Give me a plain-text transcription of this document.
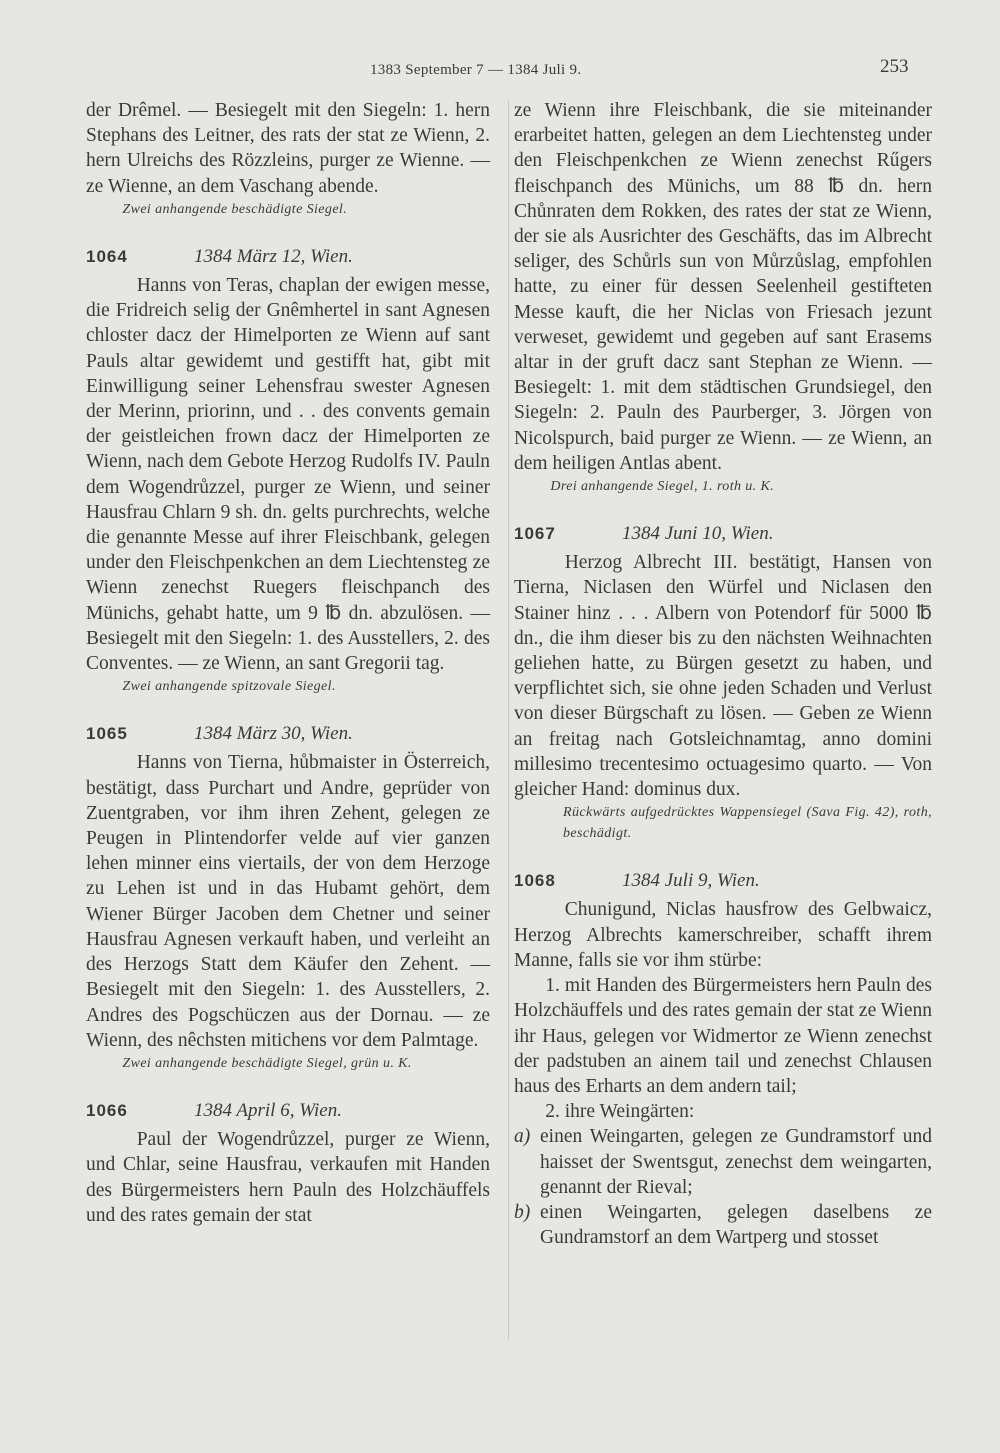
1383 September 7 — 1384 Juli 9.	253

der Drêmel. — Besiegelt mit den Siegeln: 1. hern Stephans des Leitner, des rats der stat ze Wienn, 2. hern Ulreichs des Rözzleins, purger ze Wienne. — ze Wienne, an dem Vaschang abende.

Zwei anhangende beschädigte Siegel.

1064	1384 März 12, Wien.

Hanns von Teras, chaplan der ewigen messe, die Fridreich selig der Gnêmhertel in sant Agnesen chloster dacz der Himelporten ze Wienn auf sant Pauls altar gewidemt und gestifft hat, gibt mit Einwilligung seiner Lehensfrau swester Agnesen der Merinn, priorinn, und . . des convents gemain der geistleichen frown dacz der Himelporten ze Wienn, nach dem Gebote Herzog Rudolfs IV. Pauln dem Wogendrůzzel, purger ze Wienn, und seiner Hausfrau Chlarn 9 sh. dn. gelts purchrechts, welche die genannte Messe auf ihrer Fleischbank, gelegen under den Fleischpenkchen an dem Liechtensteg ze Wienn zenechst Ruegers fleischpanch des Münichs, gehabt hatte, um 9 ℔ dn. abzulösen. — Besiegelt mit den Siegeln: 1. des Ausstellers, 2. des Conventes. — ze Wienn, an sant Gregorii tag.

Zwei anhangende spitzovale Siegel.

1065	1384 März 30, Wien.

Hanns von Tierna, hůbmaister in Österreich, bestätigt, dass Purchart und Andre, geprüder von Zuentgraben, vor ihm ihren Zehent, gelegen ze Peugen in Plintendorfer velde auf vier ganzen lehen minner eins viertails, der von dem Herzoge zu Lehen ist und in das Hubamt gehört, dem Wiener Bürger Jacoben dem Chetner und seiner Hausfrau Agnesen verkauft haben, und verleiht an des Herzogs Statt dem Käufer den Zehent. — Besiegelt mit den Siegeln: 1. des Ausstellers, 2. Andres des Pogschüczen aus der Dornau. — ze Wienn, des nêchsten mitichens vor dem Palmtage.

Zwei anhangende beschädigte Siegel, grün u. K.

1066	1384 April 6, Wien.

Paul der Wogendrůzzel, purger ze Wienn, und Chlar, seine Hausfrau, verkaufen mit Handen des Bürgermeisters hern Pauln des Holzchäuffels und des rates gemain der stat

ze Wienn ihre Fleischbank, die sie miteinander erarbeitet hatten, gelegen an dem Liechtensteg under den Fleischpenkchen ze Wienn zenechst Rűgers fleischpanch des Münichs, um 88 ℔ dn. hern Chůnraten dem Rokken, des rates der stat ze Wienn, der sie als Ausrichter des Geschäfts, das im Albrecht seliger, des Schůrls sun von Můrzůslag, empfohlen hatte, zu einer für dessen Seelenheil gestifteten Messe kauft, die her Niclas von Friesach jezunt verweset, gewidemt und gegeben auf sant Erasems altar in der gruft dacz sant Stephan ze Wienn. — Besiegelt: 1. mit dem städtischen Grundsiegel, den Siegeln: 2. Pauln des Paurberger, 3. Jörgen von Nicolspurch, baid purger ze Wienn. — ze Wienn, an dem heiligen Antlas abent.

Drei anhangende Siegel, 1. roth u. K.

1067	1384 Juni 10, Wien.

Herzog Albrecht III. bestätigt, Hansen von Tierna, Niclasen den Würfel und Niclasen den Stainer hinz . . . Albern von Potendorf für 5000 ℔ dn., die ihm dieser bis zu den nächsten Weihnachten geliehen hatte, zu Bürgen gesetzt zu haben, und verpflichtet sich, sie ohne jeden Schaden und Verlust von dieser Bürgschaft zu lösen. — Geben ze Wienn an freitag nach Gotsleichnamtag, anno domini millesimo trecentesimo octuagesimo quarto. — Von gleicher Hand: dominus dux.

Rückwärts aufgedrücktes Wappensiegel (Sava Fig. 42), roth, beschädigt.

1068	1384 Juli 9, Wien.

Chunigund, Niclas hausfrow des Gelbwaicz, Herzog Albrechts kamerschreiber, schafft ihrem Manne, falls sie vor ihm stürbe:

1. mit Handen des Bürgermeisters hern Pauln des Holzchäuffels und des rates gemain der stat ze Wienn ihr Haus, gelegen vor Widmertor ze Wienn zenechst der padstuben an ainem tail und zenechst Chlausen haus des Erharts an dem andern tail;

2. ihre Weingärten:

a) einen Weingarten, gelegen ze Gundramstorf und haisset der Swentsgut, zenechst dem weingarten, genannt der Rieval;
b) einen Weingarten, gelegen daselbens ze Gundramstorf an dem Wartperg und stosset
